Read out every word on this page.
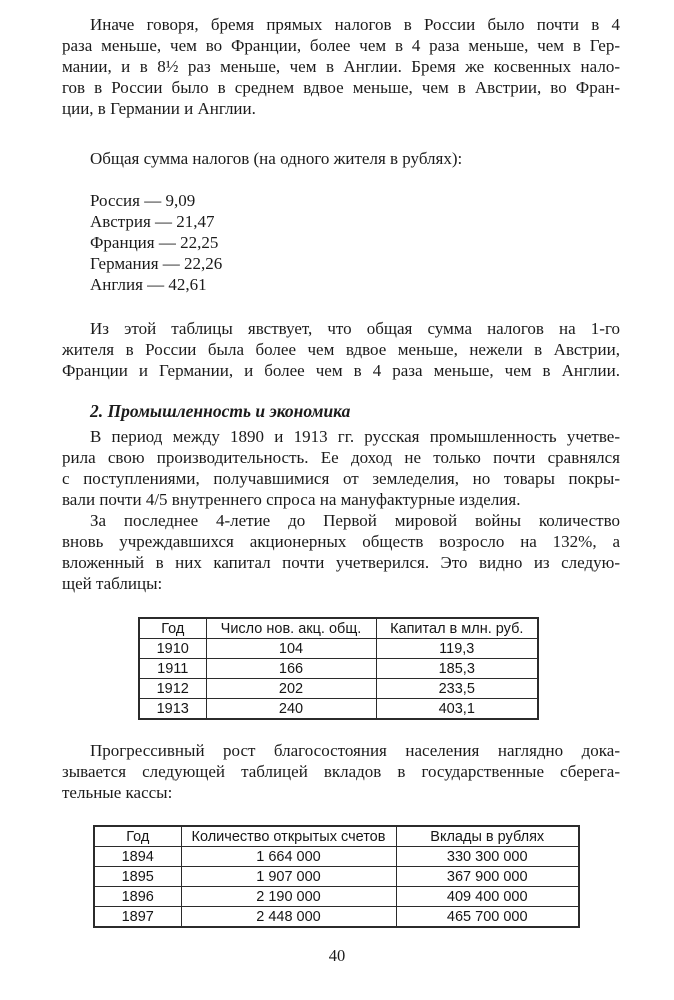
Иначе говоря, бремя прямых налогов в России было почти в 4
раза меньше, чем во Франции, более чем в 4 раза меньше, чем в Гер-
мании, и в 8½ раз меньше, чем в Англии. Бремя же косвенных нало-
гов в России было в среднем вдвое меньше, чем в Австрии, во Фран-
ции, в Германии и Англии.
Общая сумма налогов (на одного жителя в рублях):
Россия — 9,09
Австрия — 21,47
Франция — 22,25
Германия — 22,26
Англия — 42,61
Из этой таблицы явствует, что общая сумма налогов на 1-го
жителя в России была более чем вдвое меньше, нежели в Австрии,
Франции и Германии, и более чем в 4 раза меньше, чем в Англии.
2. Промышленность и экономика
В период между 1890 и 1913 гг. русская промышленность учетве-
рила свою производительность. Ее доход не только почти сравнялся
с поступлениями, получавшимися от земледелия, но товары покры-
вали почти 4/5 внутреннего спроса на мануфактурные изделия.
За последнее 4-летие до Первой мировой войны количество
вновь учреждавшихся акционерных обществ возросло на 132%, а
вложенный в них капитал почти учетверился. Это видно из следую-
щей таблицы:
Год	Число нов. акц. общ.	Капитал в млн. руб.
1910	104	119,3
1911	166	185,3
1912	202	233,5
1913	240	403,1
Прогрессивный рост благосостояния населения наглядно дока-
зывается следующей таблицей вкладов в государственные сберега-
тельные кассы:
Год	Количество открытых счетов	Вклады в рублях
1894	1 664 000	330 300 000
1895	1 907 000	367 900 000
1896	2 190 000	409 400 000
1897	2 448 000	465 700 000
40
